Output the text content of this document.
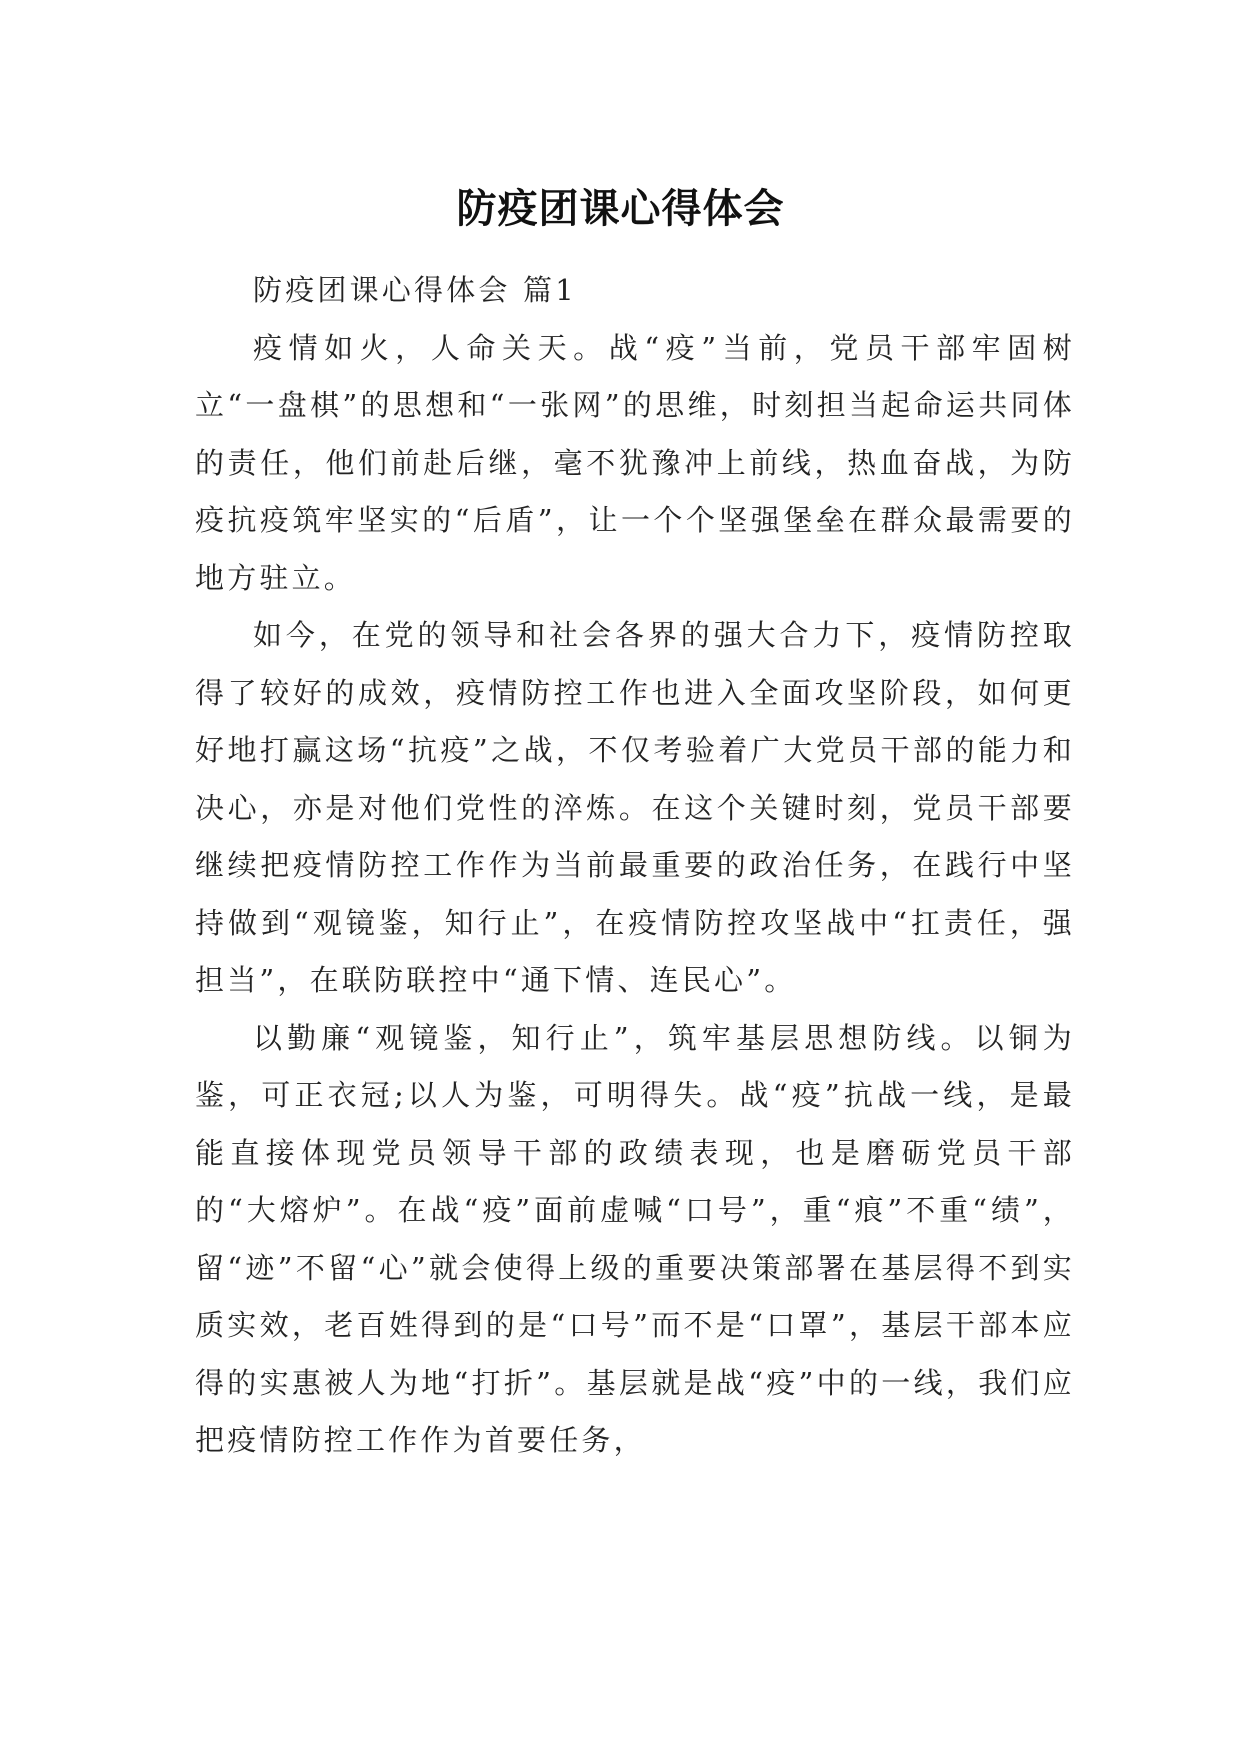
防疫团课心得体会

防疫团课心得体会 篇1

疫情如火，人命关天。战“疫”当前，党员干部牢固树立“一盘棋”的思想和“一张网”的思维，时刻担当起命运共同体的责任，他们前赴后继，毫不犹豫冲上前线，热血奋战，为防疫抗疫筑牢坚实的“后盾”，让一个个坚强堡垒在群众最需要的地方驻立。

如今，在党的领导和社会各界的强大合力下，疫情防控取得了较好的成效，疫情防控工作也进入全面攻坚阶段，如何更好地打赢这场“抗疫”之战，不仅考验着广大党员干部的能力和决心，亦是对他们党性的淬炼。在这个关键时刻，党员干部要继续把疫情防控工作作为当前最重要的政治任务，在践行中坚持做到“观镜鉴，知行止”，在疫情防控攻坚战中“扛责任，强担当”，在联防联控中“通下情、连民心”。

以勤廉“观镜鉴，知行止”，筑牢基层思想防线。以铜为鉴，可正衣冠;以人为鉴，可明得失。战“疫”抗战一线，是最能直接体现党员领导干部的政绩表现，也是磨砺党员干部的“大熔炉”。在战“疫”面前虚喊“口号”，重“痕”不重“绩”，留“迹”不留“心”就会使得上级的重要决策部署在基层得不到实质实效，老百姓得到的是“口号”而不是“口罩”，基层干部本应得的实惠被人为地“打折”。基层就是战“疫”中的一线，我们应把疫情防控工作作为首要任务，
